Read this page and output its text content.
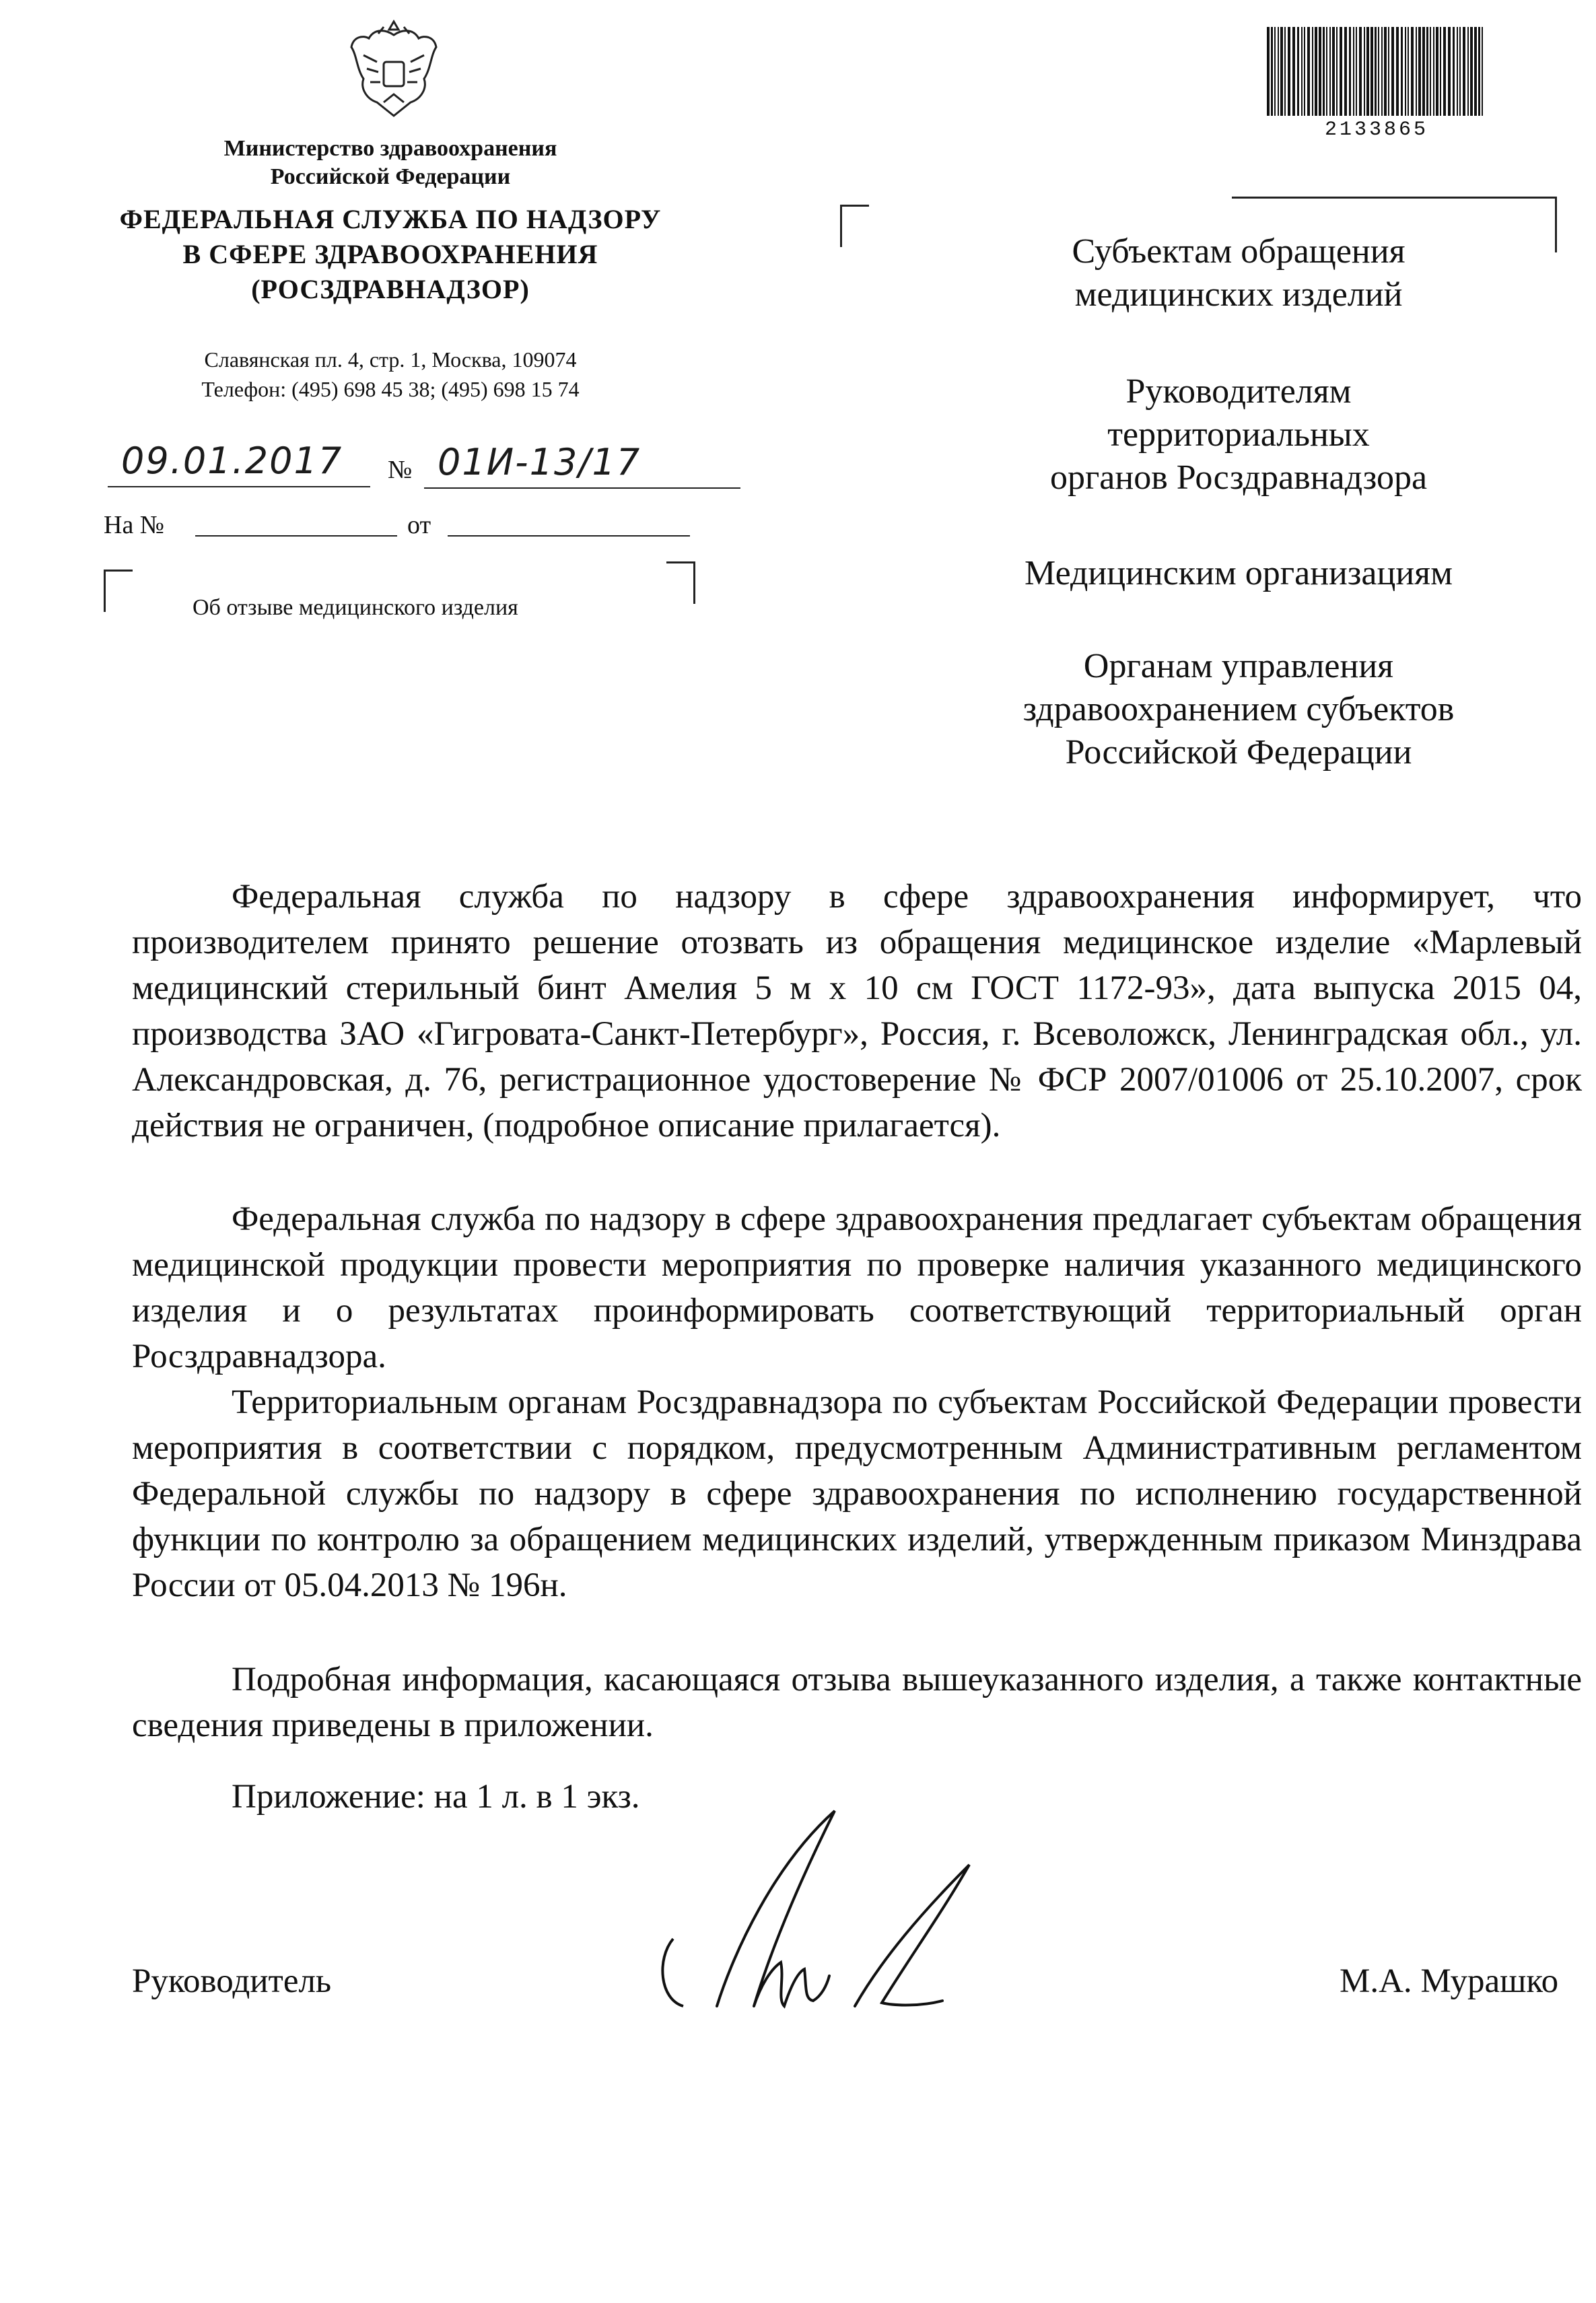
Министерство здравоохранения
Российской Федерации
ФЕДЕРАЛЬНАЯ СЛУЖБА ПО НАДЗОРУ
В СФЕРЕ ЗДРАВООХРАНЕНИЯ
(РОСЗДРАВНАДЗОР)
Славянская пл. 4, стр. 1, Москва, 109074
Телефон: (495) 698 45 38; (495) 698 15 74
09.01.2017 № 01И-13/17
На №	от
Об отзыве медицинского изделия
2133865
Субъектам обращения
медицинских изделий
Руководителям
территориальных
органов Росздравнадзора
Медицинским организациям
Органам управления
здравоохранением субъектов
Российской Федерации

Федеральная служба по надзору в сфере здравоохранения информирует, что производителем принято решение отозвать из обращения медицинское изделие «Марлевый медицинский стерильный бинт Амелия 5 м х 10 см ГОСТ 1172-93», дата выпуска 2015 04, производства ЗАО «Гигровата-Санкт-Петербург», Россия, г. Всеволожск, Ленинградская обл., ул. Александровская, д. 76, регистрационное удостоверение № ФСР 2007/01006 от 25.10.2007, срок действия не ограничен, (подробное описание прилагается).

Федеральная служба по надзору в сфере здравоохранения предлагает субъектам обращения медицинской продукции провести мероприятия по проверке наличия указанного медицинского изделия и о результатах проинформировать соответствующий территориальный орган Росздравнадзора.

Территориальным органам Росздравнадзора по субъектам Российской Федерации провести мероприятия в соответствии с порядком, предусмотренным Административным регламентом Федеральной службы по надзору в сфере здравоохранения по исполнению государственной функции по контролю за обращением медицинских изделий, утвержденным приказом Минздрава России от 05.04.2013 № 196н.

Подробная информация, касающаяся отзыва вышеуказанного изделия, а также контактные сведения приведены в приложении.

Приложение: на 1 л. в 1 экз.
Руководитель	М.А. Мурашко
